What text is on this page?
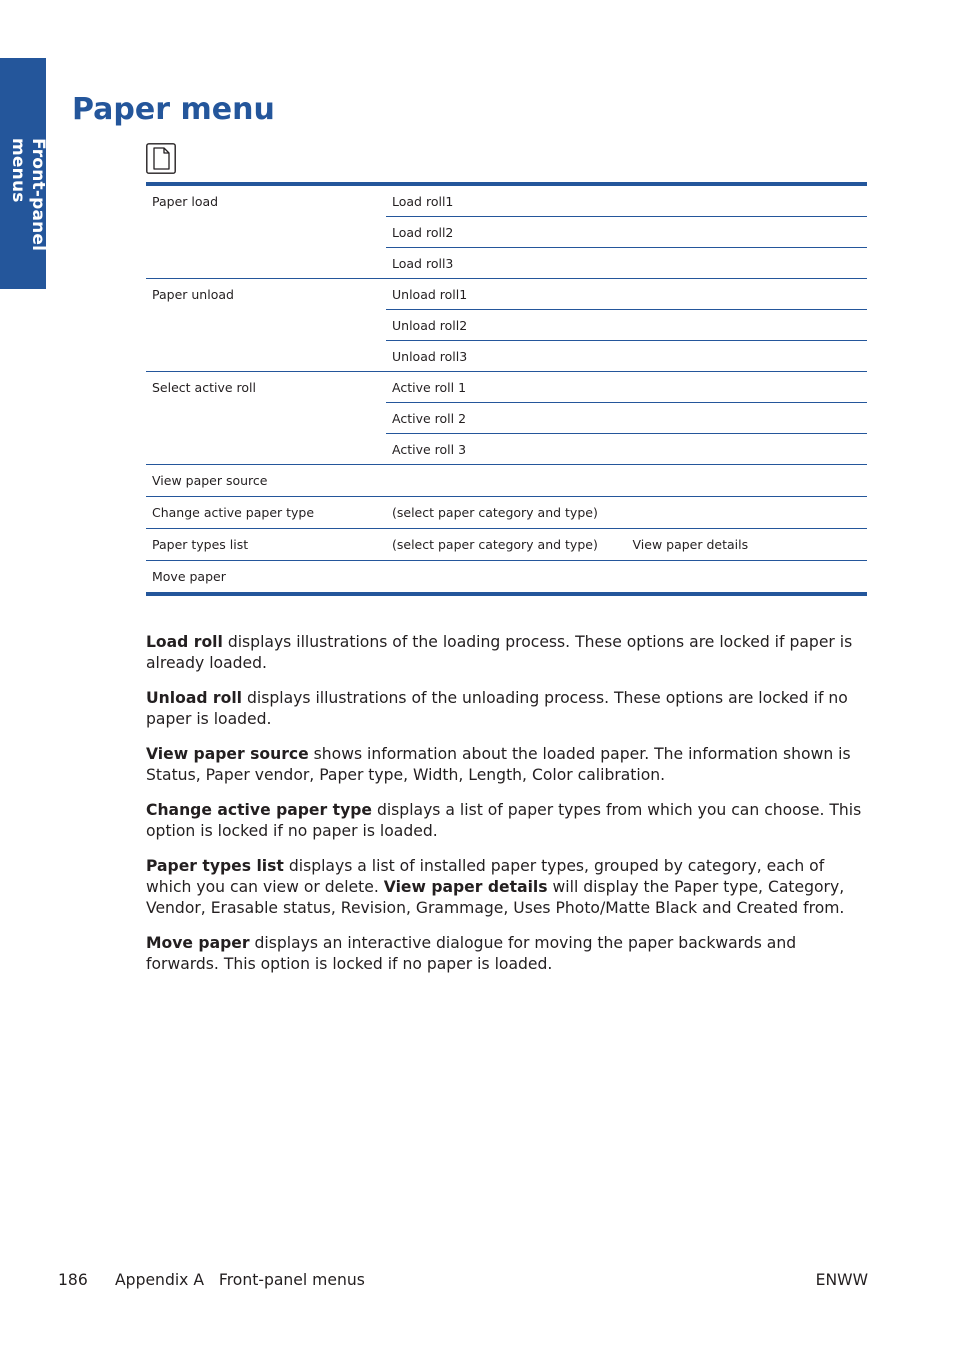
Front-panel menus
Paper menu
Paper load	Load roll1	
	Load roll2	
	Load roll3	
Paper unload	Unload roll1	
	Unload roll2	
	Unload roll3	
Select active roll	Active roll 1	
	Active roll 2	
	Active roll 3	
View paper source		
Change active paper type	(select paper category and type)	
Paper types list	(select paper category and type)	View paper details
Move paper		

Load roll displays illustrations of the loading process. These options are locked if paper is already loaded.

Unload roll displays illustrations of the unloading process. These options are locked if no paper is loaded.

View paper source shows information about the loaded paper. The information shown is Status, Paper vendor, Paper type, Width, Length, Color calibration.

Change active paper type displays a list of paper types from which you can choose. This option is locked if no paper is loaded.

Paper types list displays a list of installed paper types, grouped by category, each of which you can view or delete. View paper details will display the Paper type, Category, Vendor, Erasable status, Revision, Grammage, Uses Photo/Matte Black and Created from.

Move paper displays an interactive dialogue for moving the paper backwards and forwards. This option is locked if no paper is loaded.

186 Appendix A   Front-panel menus	ENWW
